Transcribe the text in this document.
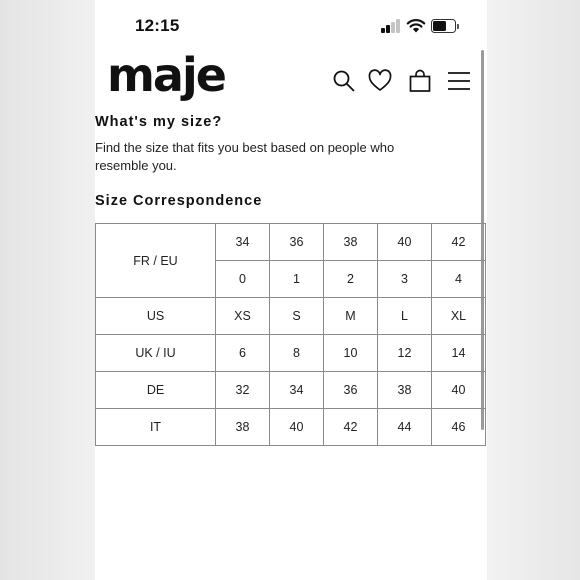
12:15
maje
What's my size?

Find the size that fits you best based on people who resemble you.

Size Correspondence
FR / EU	34	36	38	40	42
	0	1	2	3	4
US	XS	S	M	L	XL
UK / IU	6	8	10	12	14
DE	32	34	36	38	40
IT	38	40	42	44	46
